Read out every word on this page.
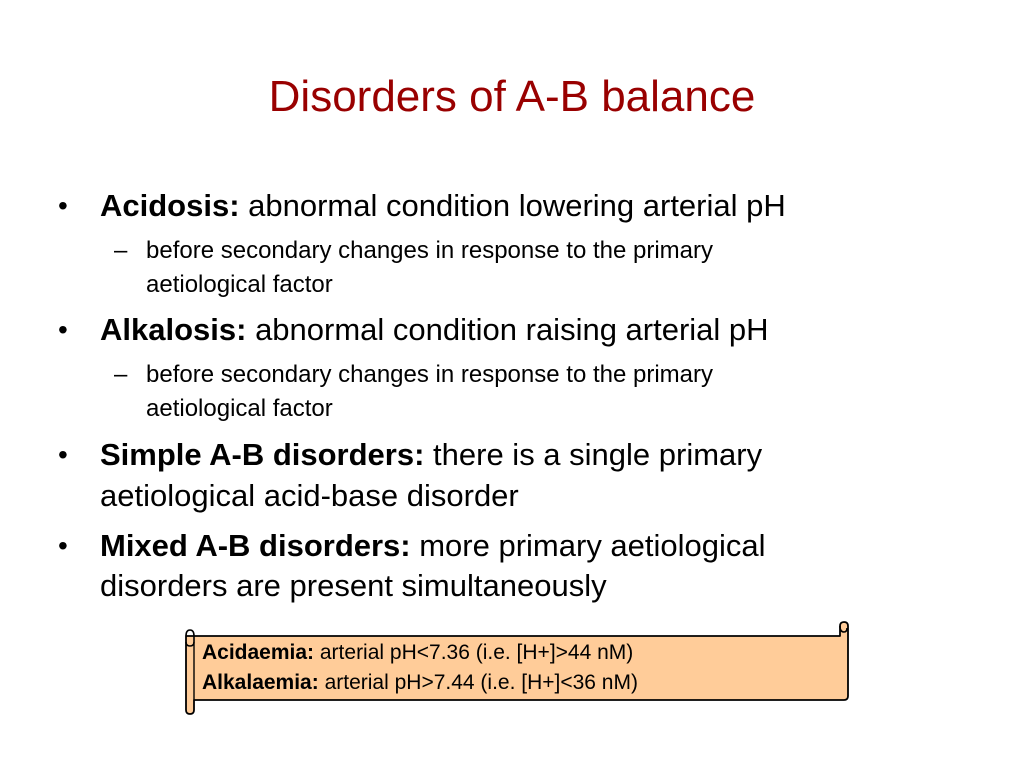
Disorders of A-B balance
• Acidosis: abnormal condition lowering arterial pH
– before secondary changes in response to the primary
aetiological factor
• Alkalosis: abnormal condition raising arterial pH
– before secondary changes in response to the primary
aetiological factor
• Simple A-B disorders: there is a single primary
aetiological acid-base disorder
• Mixed A-B disorders: more primary aetiological
disorders are present simultaneously
Acidaemia: arterial pH<7.36 (i.e. [H+]>44 nM)
Alkalaemia: arterial pH>7.44 (i.e. [H+]<36 nM)
